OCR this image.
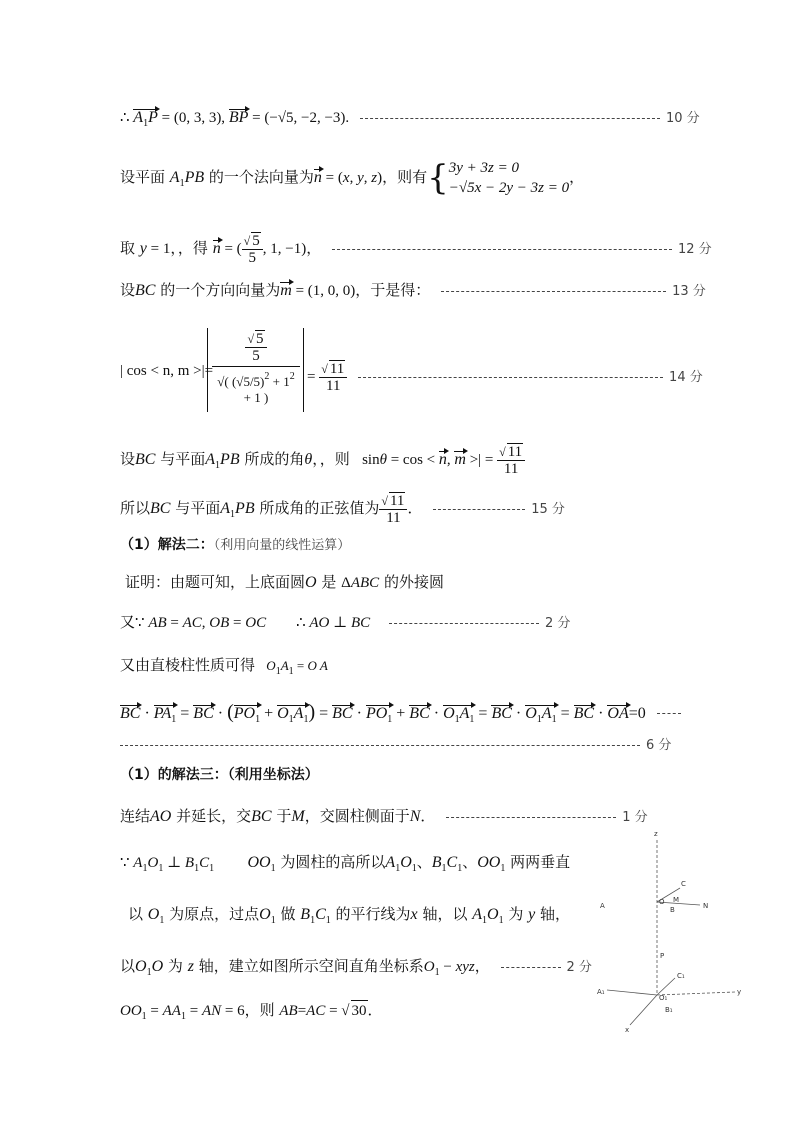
∴ $A_1P = (0$, 3, 3), BP = (−√5, −2, −3).	10 分
设平面 $A_1PB$ 的一个法向量为n = (x, y, z)，则有{ 3y + 3z = 0
−√5x − 2y − 3z = 0
，
取 y = 1，，得 n = ( $\frac{√ 5}{5}$ , 1, −1)，	12 分
设BC 的一个方向向量为m = (1, 0, 0)，于是得：	13 分
| cos < n, m >|=
√ 5
5
√( $(√5/5)^2 + 1^2 + 1$ )
= $\frac{√ 11}{11}$	14 分
设BC 与平面$A_1PB$ 所成的角θ，，则   sinθ = cos < n, m >| = $\frac{√ 11}{11}$
所以BC 与平面$A_1PB$ 所成角的正弦值为 $\frac{√ 11}{11}$ ．	15 分
（1）解法二：（利用向量的线性运算）
证明：由题可知，上底面圆O 是 ΔABC 的外接圆
又∵ AB = AC, OB = OC        ∴ AO ⊥ BC	2 分
又由直棱柱性质可得 $O_1A_1 = O$ A
BC · $PA_1$ = BC · $(PO_1 + O_1A_1)$ = BC · $PO_1$ + BC · $O_1A_1$ = BC · $O_1A_1$ = BC · OA=0
6 分
（1）的解法三：（利用坐标法）
连结AO 并延长，交BC 于M，交圆柱侧面于N．	1 分
∵ $A_1O_1$ ⊥ $B_1C_1$ $OO_1$ 为圆柱的高所以$A_1O_1$、$B_1C_1$、$OO_1$ 两两垂直
以 $O_1$ 为原点，过点$O_1$ 做 $B_1C_1$ 的平行线为x 轴，以 $A_1O_1$ 为 y 轴，
以$O_1O$ 为 z 轴，建立如图所示空间直角坐标系$O_1$ − xyz，	2 分
$OO_1 = AA_1$ = AN = 6，则 AB=AC = √ 30．
z
y
x
O M
N
P
C
B
A
O₁
C₁
B₁
A₁
